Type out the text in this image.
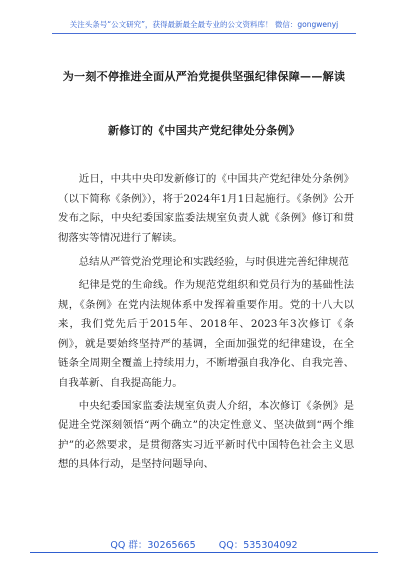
关注头条号“公文研究”，获得最新最全最专业的公文资料库！ 微信：gongwenyj
为一刻不停推进全面从严治党提供坚强纪律保障——解读
新修订的《中国共产党纪律处分条例》

近日，中共中央印发新修订的《中国共产党纪律处分条例》（以下简称《条例》），将于2024年1月1日起施行。《条例》公开发布之际，中央纪委国家监委法规室负责人就《条例》修订和贯彻落实等情况进行了解读。

总结从严管党治党理论和实践经验，与时俱进完善纪律规范

纪律是党的生命线。作为规范党组织和党员行为的基础性法规，《条例》在党内法规体系中发挥着重要作用。党的十八大以来，我们党先后于2015年、2018年、2023年3次修订《条例》，就是要始终坚持严的基调，全面加强党的纪律建设，在全链条全周期全覆盖上持续用力，不断增强自我净化、自我完善、自我革新、自我提高能力。

中央纪委国家监委法规室负责人介绍，本次修订《条例》是促进全党深刻领悟“两个确立”的决定性意义、坚决做到“两个维护”的必然要求，是贯彻落实习近平新时代中国特色社会主义思想的具体行动，是坚持问题导向、

QQ 群：30265665 QQ：535304092
